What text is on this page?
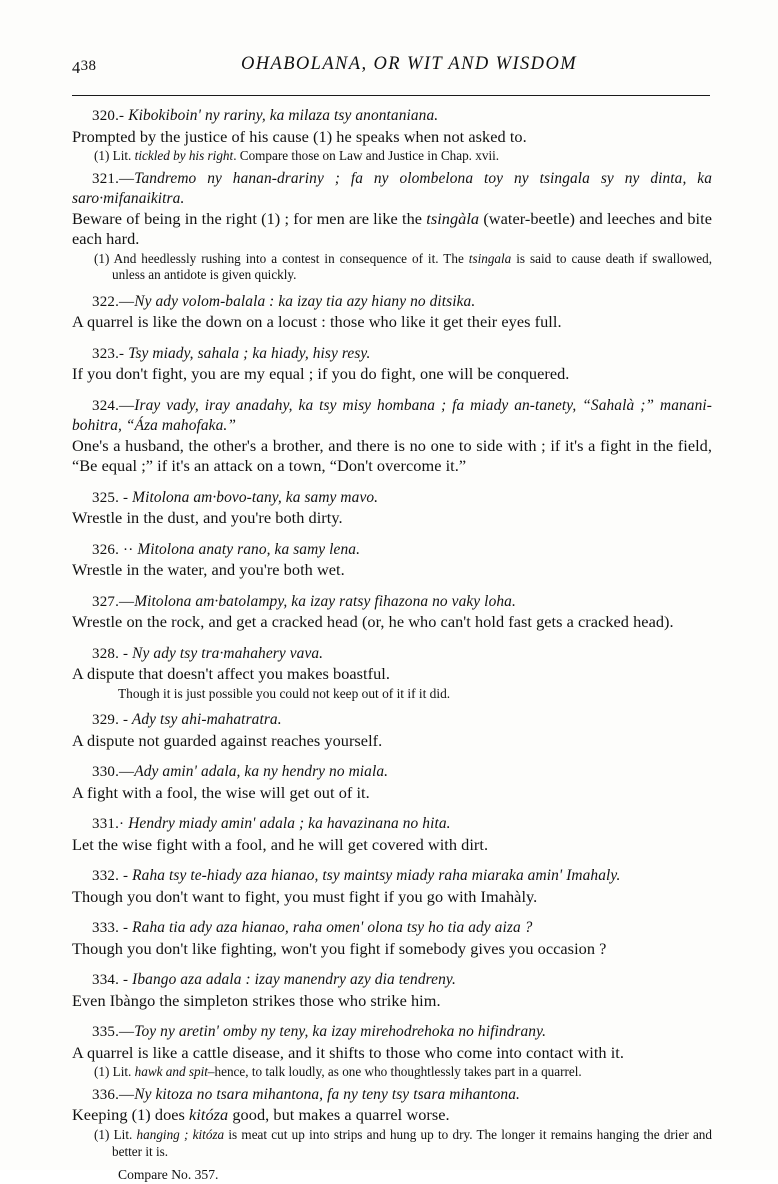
438	OHABOLANA, OR WIT AND WISDOM

320.- Kibokiboin' ny rariny, ka milaza tsy anontaniana.

Prompted by the justice of his cause (1) he speaks when not asked to.

(1) Lit. tickled by his right. Compare those on Law and Justice in Chap. xvii.

321.—Tandremo ny hanan-drariny ; fa ny olombelona toy ny tsingala sy ny dinta, ka saro·mifanaikitra.

Beware of being in the right (1) ; for men are like the tsingàla (water-beetle) and leeches and bite each hard.

(1) And heedlessly rushing into a contest in consequence of it. The tsingala is said to cause death if swallowed, unless an antidote is given quickly.

322.—Ny ady volom-balala : ka izay tia azy hiany no ditsika.

A quarrel is like the down on a locust : those who like it get their eyes full.

323.- Tsy miady, sahala ; ka hiady, hisy resy.

If you don't fight, you are my equal ; if you do fight, one will be conquered.

324.—Iray vady, iray anadahy, ka tsy misy hombana ; fa miady an-tanety, “Sahalà ;” manani-bohitra, “Áza mahofaka.”

One's a husband, the other's a brother, and there is no one to side with ; if it's a fight in the field, “Be equal ;” if it's an attack on a town, “Don't overcome it.”

325. - Mitolona am·bovo-tany, ka samy mavo.

Wrestle in the dust, and you're both dirty.

326. ·· Mitolona anaty rano, ka samy lena.

Wrestle in the water, and you're both wet.

327.—Mitolona am·batolampy, ka izay ratsy fihazona no vaky loha.

Wrestle on the rock, and get a cracked head (or, he who can't hold fast gets a cracked head).

328. - Ny ady tsy tra·mahahery vava.

A dispute that doesn't affect you makes boastful.

Though it is just possible you could not keep out of it if it did.

329. - Ady tsy ahi-mahatratra.

A dispute not guarded against reaches yourself.

330.—Ady amin' adala, ka ny hendry no miala.

A fight with a fool, the wise will get out of it.

331.· Hendry miady amin' adala ; ka havazinana no hita.

Let the wise fight with a fool, and he will get covered with dirt.

332. - Raha tsy te-hiady aza hianao, tsy maintsy miady raha miaraka amin' Imahaly.

Though you don't want to fight, you must fight if you go with Imahàly.

333. - Raha tia ady aza hianao, raha omen' olona tsy ho tia ady aiza ?

Though you don't like fighting, won't you fight if somebody gives you occasion ?

334. - Ibango aza adala : izay manendry azy dia tendreny.

Even Ibàngo the simpleton strikes those who strike him.

335.—Toy ny aretin' omby ny teny, ka izay mirehodrehoka no hifindrany.

A quarrel is like a cattle disease, and it shifts to those who come into contact with it.

(1) Lit. hawk and spit–hence, to talk loudly, as one who thoughtlessly takes part in a quarrel.

336.—Ny kitoza no tsara mihantona, fa ny teny tsy tsara mihantona.

Keeping (1) does kitóza good, but makes a quarrel worse.

(1) Lit. hanging ; kitóza is meat cut up into strips and hung up to dry. The longer it remains hanging the drier and better it is.

Compare No. 357.
